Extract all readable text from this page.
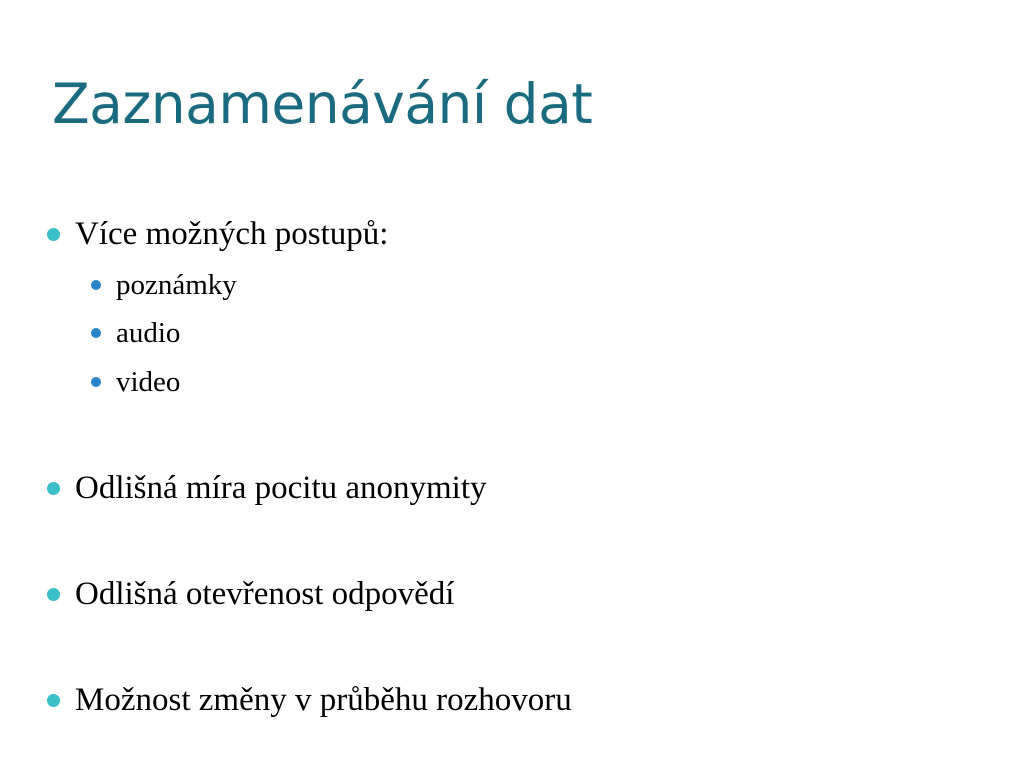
Zaznamenávání dat
Více možných postupů:
poznámky
audio
video
Odlišná míra pocitu anonymity
Odlišná otevřenost odpovědí
Možnost změny v průběhu rozhovoru
